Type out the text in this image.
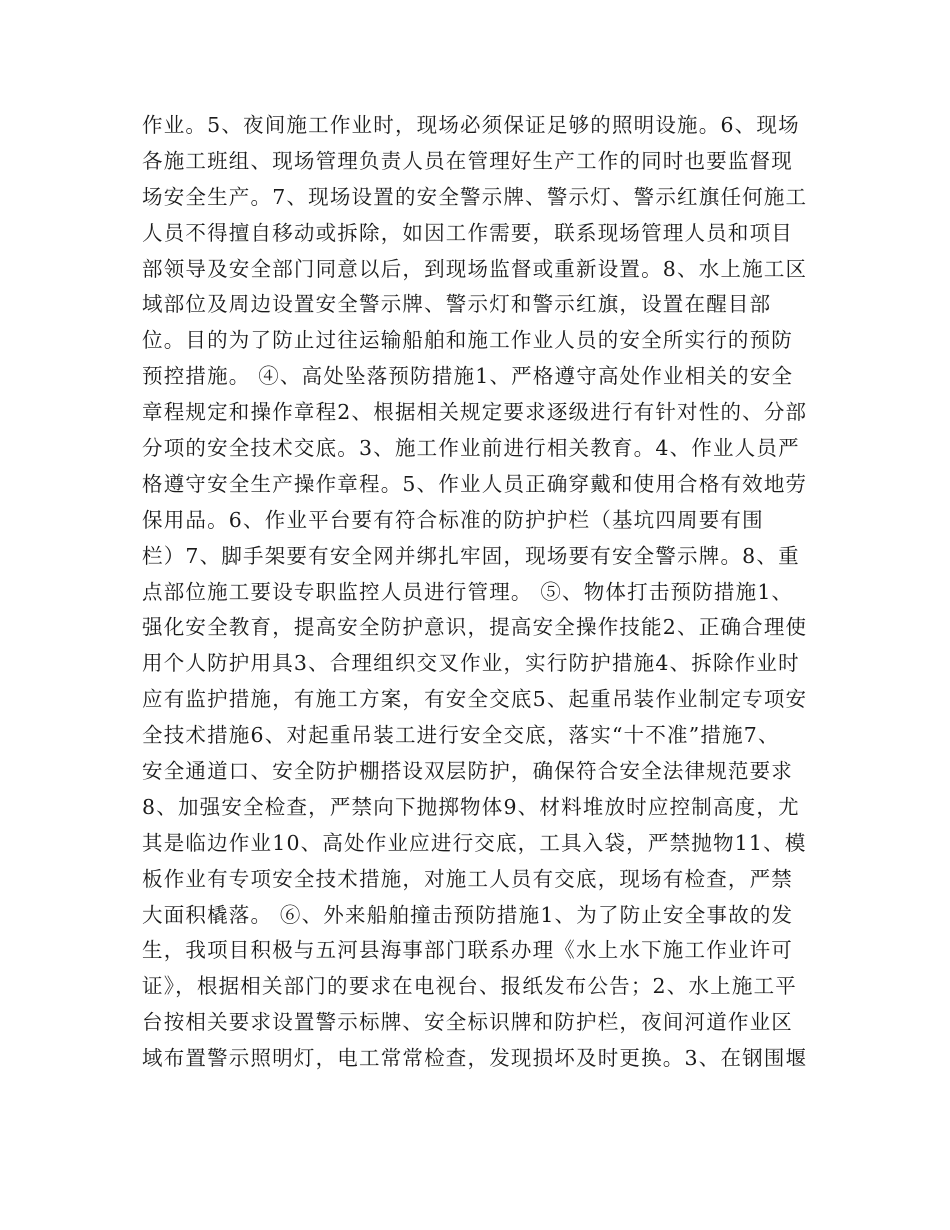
作业。5、夜间施工作业时，现场必须保证足够的照明设施。6、现场
各施工班组、现场管理负责人员在管理好生产工作的同时也要监督现
场安全生产。7、现场设置的安全警示牌、警示灯、警示红旗任何施工
人员不得擅自移动或拆除，如因工作需要，联系现场管理人员和项目
部领导及安全部门同意以后，到现场监督或重新设置。8、水上施工区
域部位及周边设置安全警示牌、警示灯和警示红旗，设置在醒目部
位。目的为了防止过往运输船舶和施工作业人员的安全所实行的预防
预控措施。 ④、高处坠落预防措施1、严格遵守高处作业相关的安全
章程规定和操作章程2、根据相关规定要求逐级进行有针对性的、分部
分项的安全技术交底。3、施工作业前进行相关教育。4、作业人员严
格遵守安全生产操作章程。5、作业人员正确穿戴和使用合格有效地劳
保用品。6、作业平台要有符合标准的防护护栏（基坑四周要有围
栏）7、脚手架要有安全网并绑扎牢固，现场要有安全警示牌。8、重
点部位施工要设专职监控人员进行管理。 ⑤、物体打击预防措施1、
强化安全教育，提高安全防护意识，提高安全操作技能2、正确合理使
用个人防护用具3、合理组织交叉作业，实行防护措施4、拆除作业时
应有监护措施，有施工方案，有安全交底5、起重吊装作业制定专项安
全技术措施6、对起重吊装工进行安全交底，落实“十不准”措施7、
安全通道口、安全防护棚搭设双层防护，确保符合安全法律规范要求
8、加强安全检查，严禁向下抛掷物体9、材料堆放时应控制高度，尤
其是临边作业10、高处作业应进行交底，工具入袋，严禁抛物11、模
板作业有专项安全技术措施，对施工人员有交底，现场有检查，严禁
大面积橇落。 ⑥、外来船舶撞击预防措施1、为了防止安全事故的发
生，我项目积极与五河县海事部门联系办理《水上水下施工作业许可
证》，根据相关部门的要求在电视台、报纸发布公告；2、水上施工平
台按相关要求设置警示标牌、安全标识牌和防护栏，夜间河道作业区
域布置警示照明灯，电工常常检查，发现损坏及时更换。3、在钢围堰
